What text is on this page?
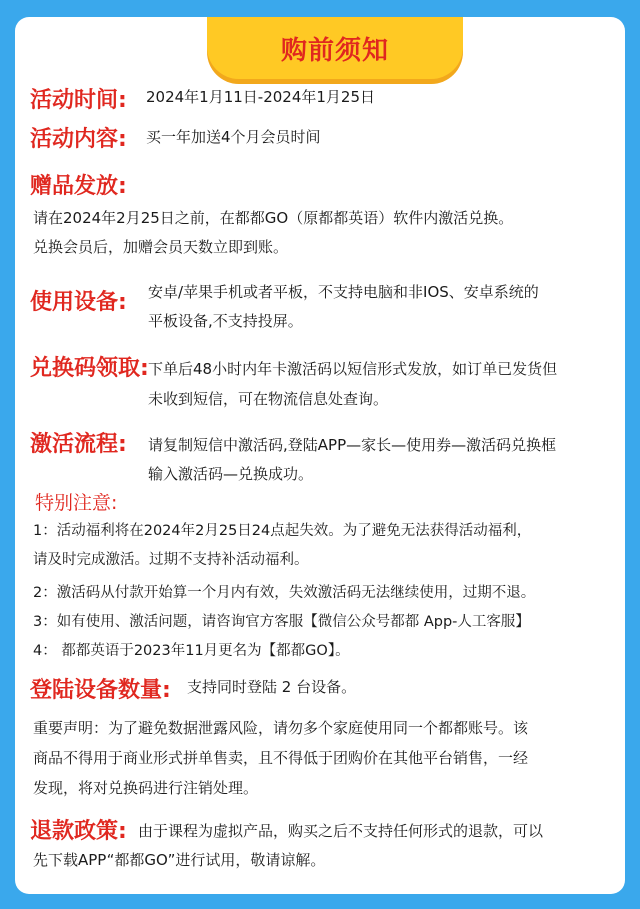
购前须知
活动时间: 2024年1月11日-2024年1月25日
活动内容: 买一年加送4个月会员时间
赠品发放:
请在2024年2月25日之前，在都都GO（原都都英语）软件内激活兑换。
兑换会员后，加赠会员天数立即到账。
使用设备: 安卓/苹果手机或者平板，不支持电脑和非IOS、安卓系统的
平板设备,不支持投屏。
兑换码领取: 下单后48小时内年卡激活码以短信形式发放，如订单已发货但
未收到短信，可在物流信息处查询。
激活流程: 请复制短信中激活码,登陆APP—家长—使用券—激活码兑换框
输入激活码—兑换成功。
特别注意:
1：活动福利将在2024年2月25日24点起失效。为了避免无法获得活动福利，
请及时完成激活。过期不支持补活动福利。
2：激活码从付款开始算一个月内有效，失效激活码无法继续使用，过期不退。
3：如有使用、激活问题，请咨询官方客服【微信公众号都都 App-人工客服】
4： 都都英语于2023年11月更名为【都都GO】。
登陆设备数量: 支持同时登陆 2 台设备。
重要声明：为了避免数据泄露风险，请勿多个家庭使用同一个都都账号。该
商品不得用于商业形式拼单售卖，且不得低于团购价在其他平台销售，一经
发现，将对兑换码进行注销处理。
退款政策: 由于课程为虚拟产品，购买之后不支持任何形式的退款，可以
先下载APP“都都GO”进行试用，敬请谅解。
